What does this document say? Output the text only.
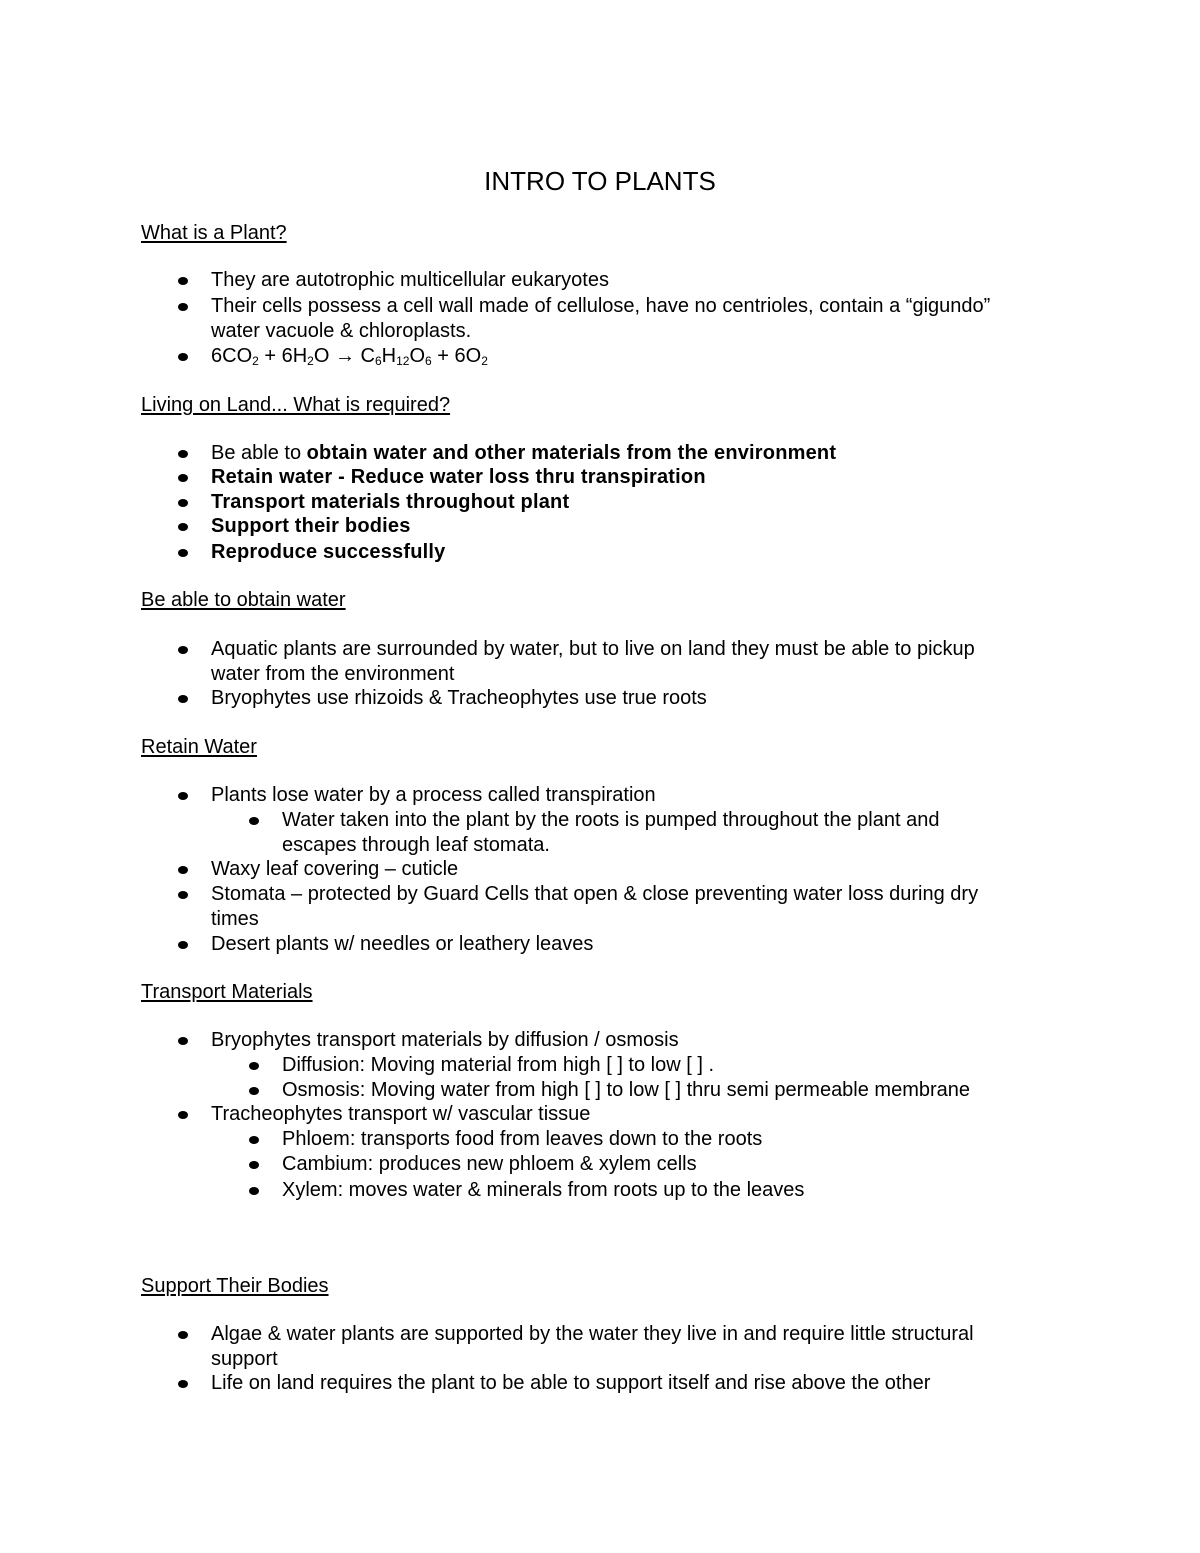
INTRO TO PLANTS
What is a Plant?
They are autotrophic multicellular eukaryotes
Their cells possess a cell wall made of cellulose, have no centrioles, contain a “gigundo”
water vacuole & chloroplasts.
$6CO_2 + 6H_2O \to C_6H_{12}O_6 + 6O_2$
Living on Land... What is required?
Be able to obtain water and other materials from the environment
Retain water - Reduce water loss thru transpiration
Transport materials throughout plant
Support their bodies
Reproduce successfully
Be able to obtain water
Aquatic plants are surrounded by water, but to live on land they must be able to pickup
water from the environment
Bryophytes use rhizoids & Tracheophytes use true roots
Retain Water
Plants lose water by a process called transpiration
Water taken into the plant by the roots is pumped throughout the plant and
escapes through leaf stomata.
Waxy leaf covering – cuticle
Stomata – protected by Guard Cells that open & close preventing water loss during dry
times
Desert plants w/ needles or leathery leaves
Transport Materials
Bryophytes transport materials by diffusion / osmosis
Diffusion: Moving material from high [ ] to low [ ] .
Osmosis: Moving water from high [ ] to low [ ] thru semi permeable membrane
Tracheophytes transport w/ vascular tissue
Phloem: transports food from leaves down to the roots
Cambium: produces new phloem & xylem cells
Xylem: moves water & minerals from roots up to the leaves
Support Their Bodies
Algae & water plants are supported by the water they live in and require little structural
support
Life on land requires the plant to be able to support itself and rise above the other
